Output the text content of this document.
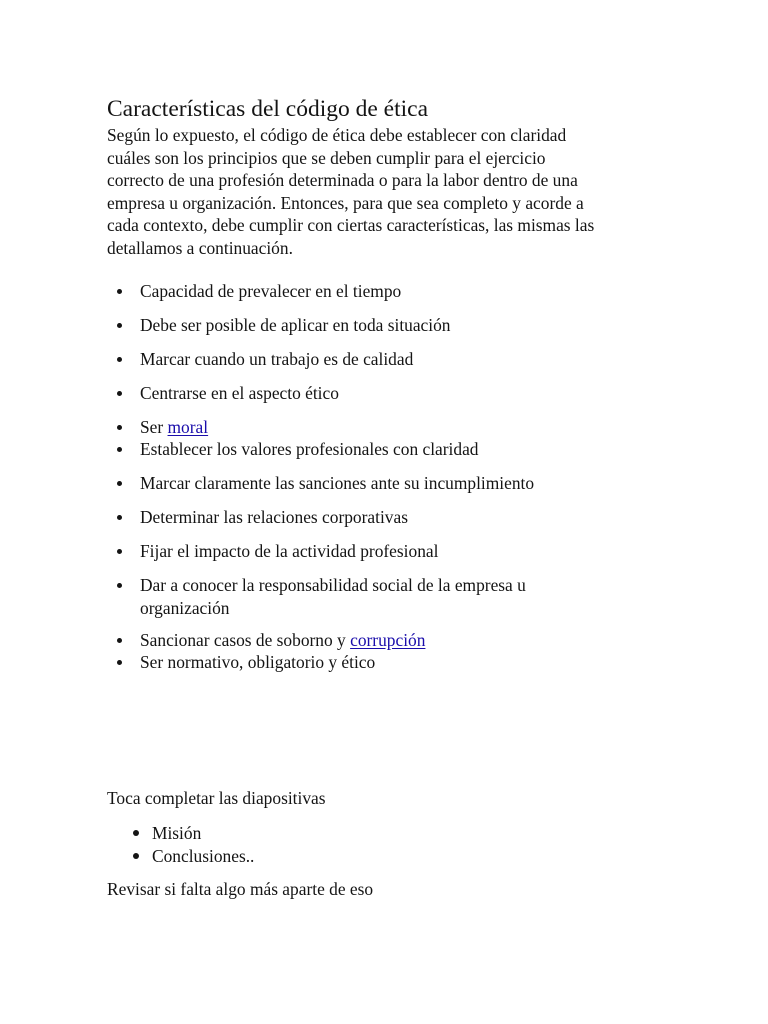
Características del código de ética

Según lo expuesto, el código de ética debe establecer con claridad
cuáles son los principios que se deben cumplir para el ejercicio
correcto de una profesión determinada o para la labor dentro de una
empresa u organización. Entonces, para que sea completo y acorde a
cada contexto, debe cumplir con ciertas características, las mismas las
detallamos a continuación.

Capacidad de prevalecer en el tiempo
Debe ser posible de aplicar en toda situación
Marcar cuando un trabajo es de calidad
Centrarse en el aspecto ético
Ser moral
Establecer los valores profesionales con claridad
Marcar claramente las sanciones ante su incumplimiento
Determinar las relaciones corporativas
Fijar el impacto de la actividad profesional
Dar a conocer la responsabilidad social de la empresa u
organización
Sancionar casos de soborno y corrupción
Ser normativo, obligatorio y ético

Toca completar las diapositivas

Misión
Conclusiones..

Revisar si falta algo más aparte de eso
